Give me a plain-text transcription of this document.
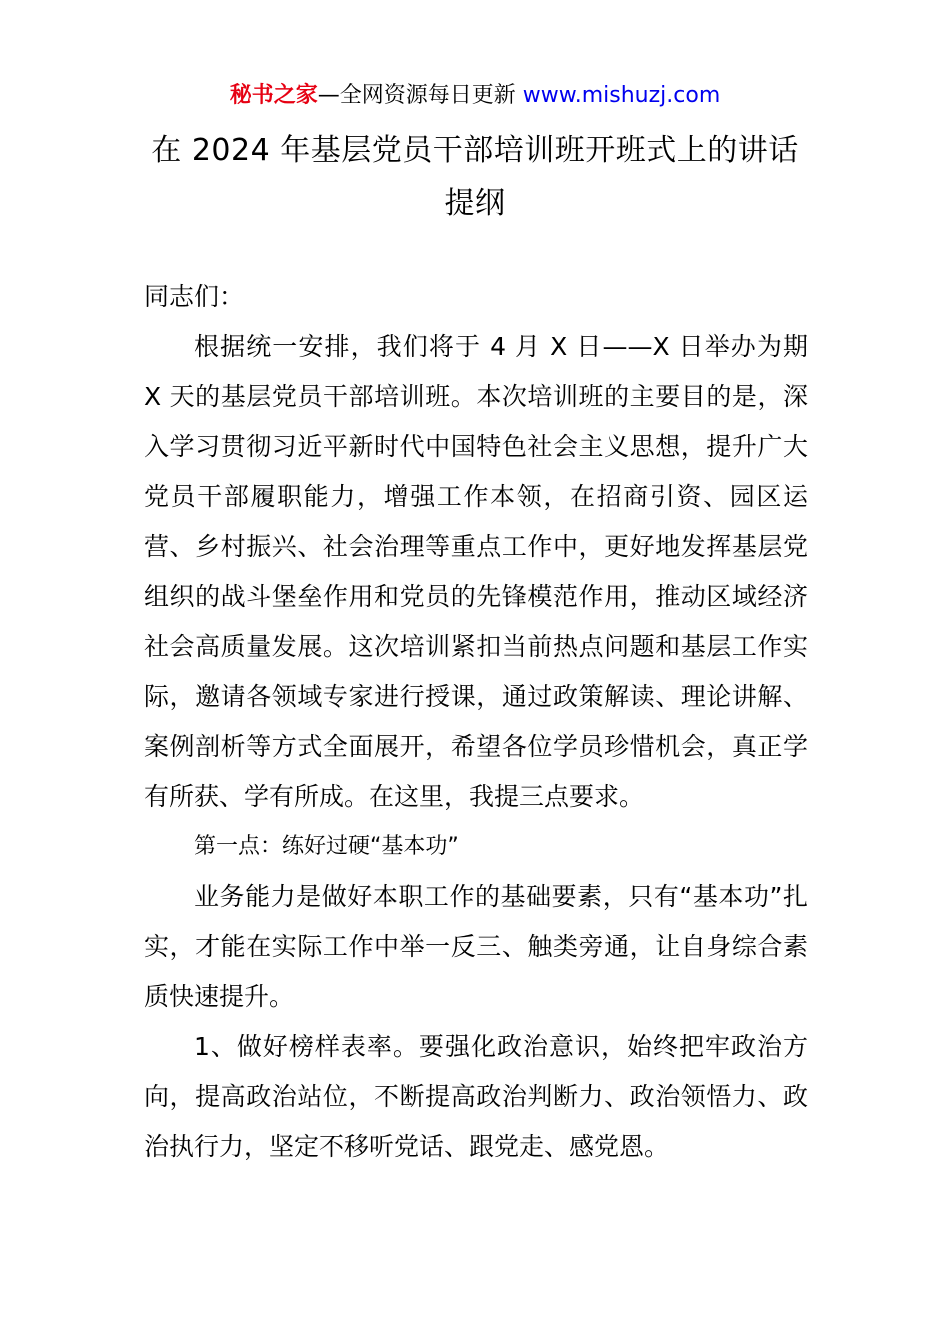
秘书之家—全网资源每日更新 www.mishuzj.com
在 2024 年基层党员干部培训班开班式上的讲话
提纲

同志们：

根据统一安排，我们将于 4 月 X 日——X 日举办为期 X 天的基层党员干部培训班。本次培训班的主要目的是，深入学习贯彻习近平新时代中国特色社会主义思想，提升广大党员干部履职能力，增强工作本领，在招商引资、园区运营、乡村振兴、社会治理等重点工作中，更好地发挥基层党组织的战斗堡垒作用和党员的先锋模范作用，推动区域经济社会高质量发展。这次培训紧扣当前热点问题和基层工作实际，邀请各领域专家进行授课，通过政策解读、理论讲解、案例剖析等方式全面展开，希望各位学员珍惜机会，真正学有所获、学有所成。在这里，我提三点要求。

第一点：练好过硬“基本功”

业务能力是做好本职工作的基础要素，只有“基本功”扎实，才能在实际工作中举一反三、触类旁通，让自身综合素质快速提升。

1、做好榜样表率。要强化政治意识，始终把牢政治方向，提高政治站位，不断提高政治判断力、政治领悟力、政治执行力，坚定不移听党话、跟党走、感党恩。
